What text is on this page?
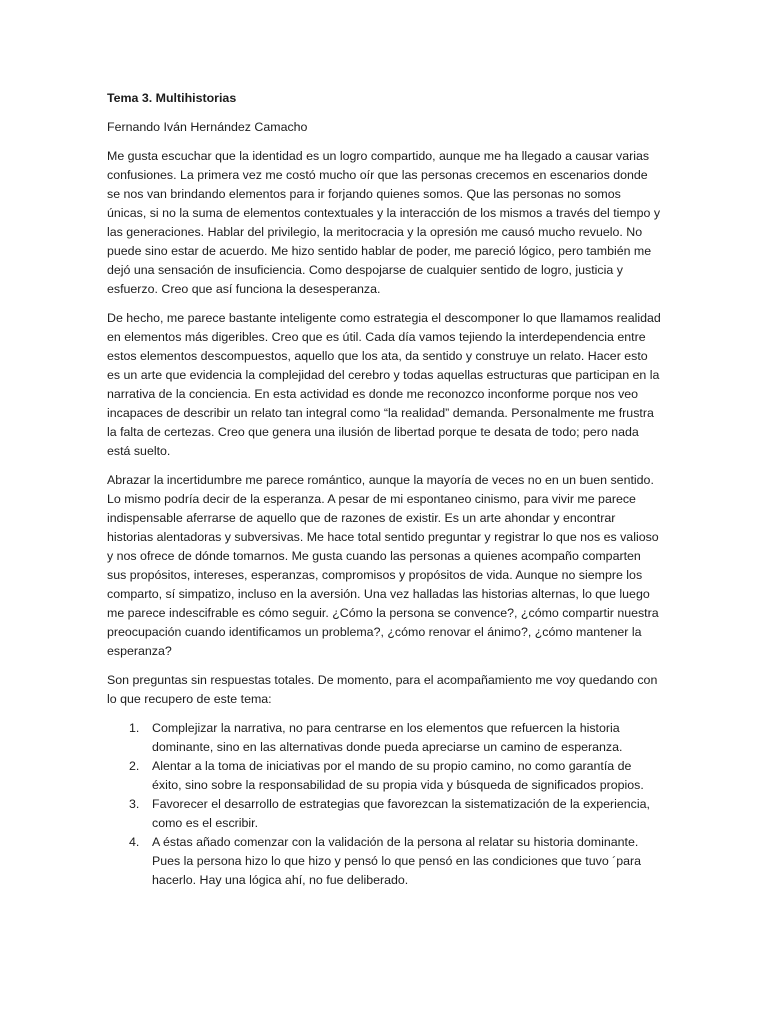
Tema 3. Multihistorias
Fernando Iván Hernández Camacho

Me gusta escuchar que la identidad es un logro compartido, aunque me ha llegado a causar varias confusiones. La primera vez me costó mucho oír que las personas crecemos en escenarios donde se nos van brindando elementos para ir forjando quienes somos. Que las personas no somos únicas, si no la suma de elementos contextuales y la interacción de los mismos a través del tiempo y las generaciones. Hablar del privilegio, la meritocracia y la opresión me causó mucho revuelo. No puede sino estar de acuerdo. Me hizo sentido hablar de poder, me pareció lógico, pero también me dejó una sensación de insuficiencia. Como despojarse de cualquier sentido de logro, justicia y esfuerzo. Creo que así funciona la desesperanza.

De hecho, me parece bastante inteligente como estrategia el descomponer lo que llamamos realidad en elementos más digeribles. Creo que es útil. Cada día vamos tejiendo la interdependencia entre estos elementos descompuestos, aquello que los ata, da sentido y construye un relato. Hacer esto es un arte que evidencia la complejidad del cerebro y todas aquellas estructuras que participan en la narrativa de la conciencia. En esta actividad es donde me reconozco inconforme porque nos veo incapaces de describir un relato tan integral como “la realidad” demanda. Personalmente me frustra la falta de certezas. Creo que genera una ilusión de libertad porque te desata de todo; pero nada está suelto.

Abrazar la incertidumbre me parece romántico, aunque la mayoría de veces no en un buen sentido. Lo mismo podría decir de la esperanza. A pesar de mi espontaneo cinismo, para vivir me parece indispensable aferrarse de aquello que de razones de existir. Es un arte ahondar y encontrar historias alentadoras y subversivas. Me hace total sentido preguntar y registrar lo que nos es valioso y nos ofrece de dónde tomarnos. Me gusta cuando las personas a quienes acompaño comparten sus propósitos, intereses, esperanzas, compromisos y propósitos de vida. Aunque no siempre los comparto, sí simpatizo, incluso en la aversión. Una vez halladas las historias alternas, lo que luego me parece indescifrable es cómo seguir. ¿Cómo la persona se convence?, ¿cómo compartir nuestra preocupación cuando identificamos un problema?, ¿cómo renovar el ánimo?, ¿cómo mantener la esperanza?

Son preguntas sin respuestas totales. De momento, para el acompañamiento me voy quedando con lo que recupero de este tema:

1. Complejizar la narrativa, no para centrarse en los elementos que refuercen la historia dominante, sino en las alternativas donde pueda apreciarse un camino de esperanza.
2. Alentar a la toma de iniciativas por el mando de su propio camino, no como garantía de éxito, sino sobre la responsabilidad de su propia vida y búsqueda de significados propios.
3. Favorecer el desarrollo de estrategias que favorezcan la sistematización de la experiencia, como es el escribir.
4. A éstas añado comenzar con la validación de la persona al relatar su historia dominante. Pues la persona hizo lo que hizo y pensó lo que pensó en las condiciones que tuvo ´para hacerlo. Hay una lógica ahí, no fue deliberado.
